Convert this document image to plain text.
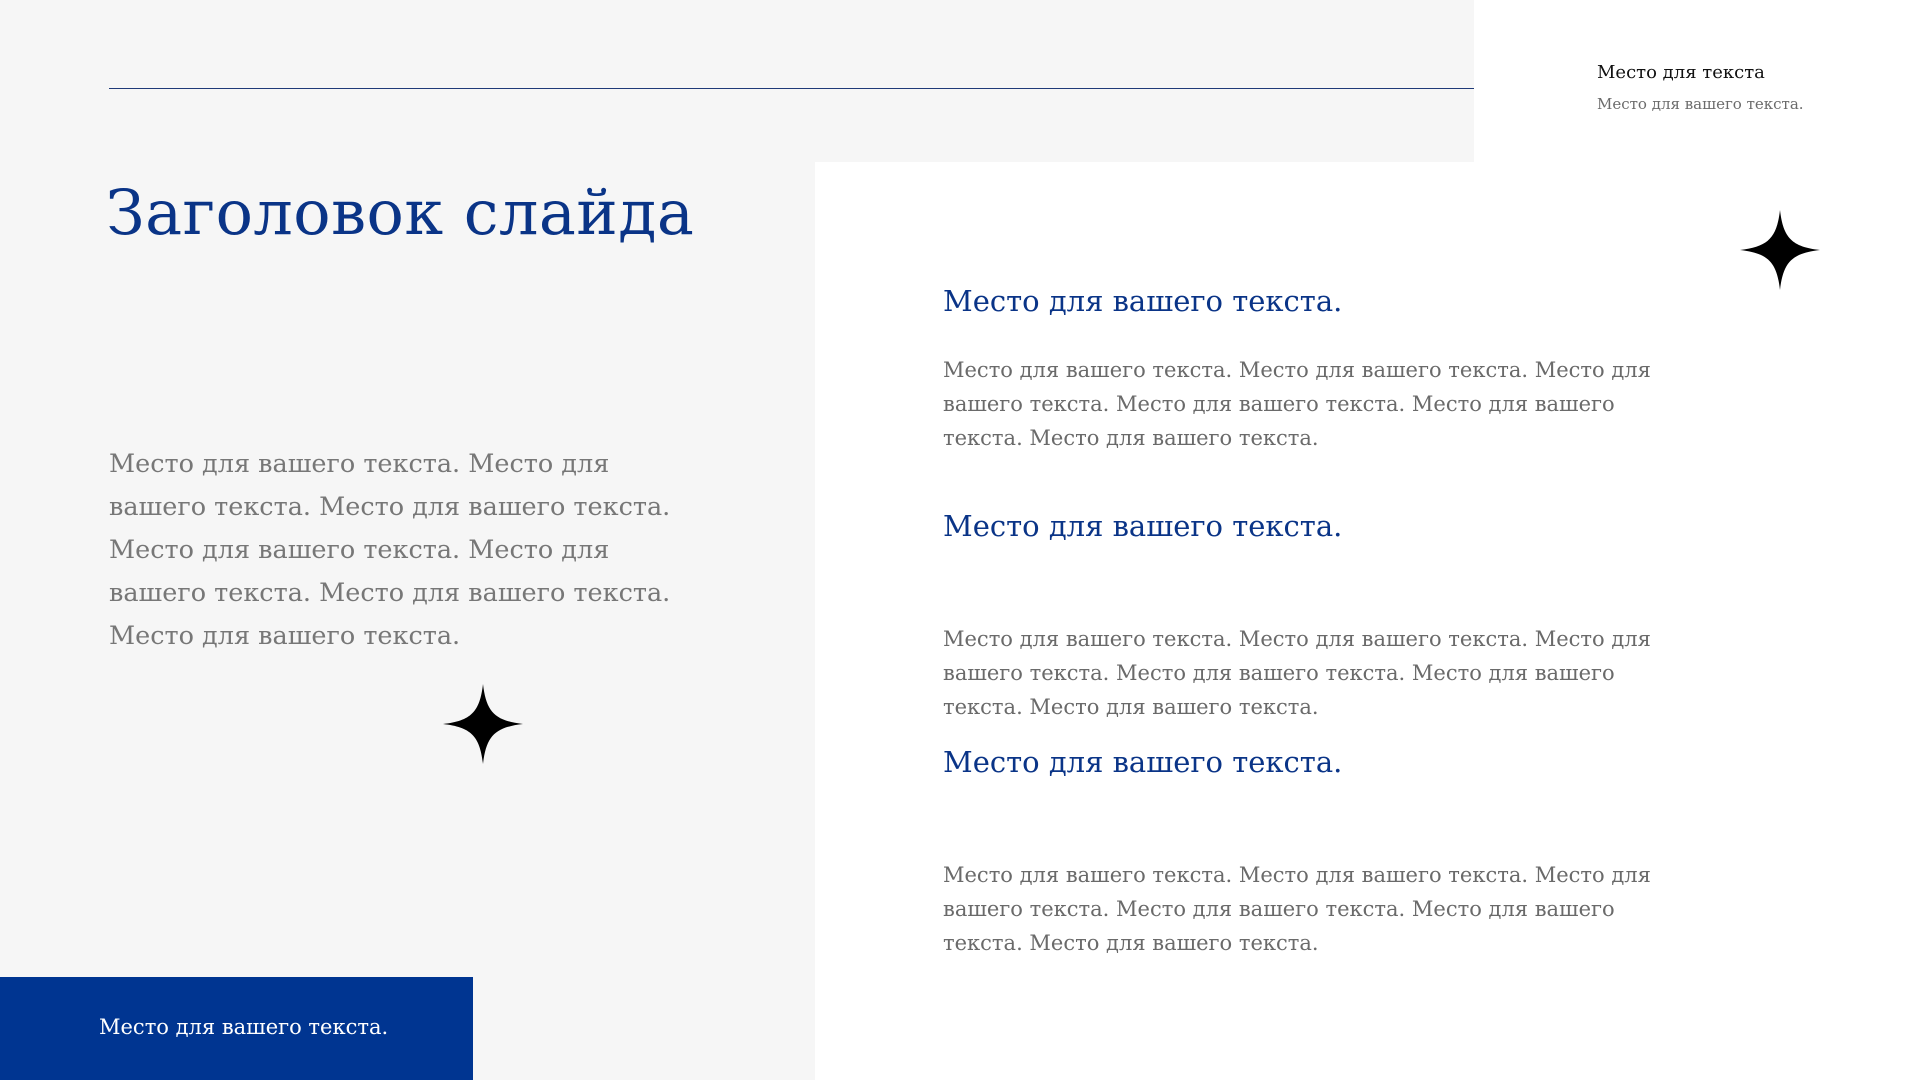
Место для текста
Место для вашего текста.
Заголовок слайда
Место для вашего текста. Место для вашего текста. Место для вашего текста. Место для вашего текста. Место для вашего текста. Место для вашего текста. Место для вашего текста.
Место для вашего текста.
Место для вашего текста. Место для вашего текста. Место для вашего текста. Место для вашего текста. Место для вашего текста. Место для вашего текста.
Место для вашего текста.
Место для вашего текста. Место для вашего текста. Место для вашего текста. Место для вашего текста. Место для вашего текста. Место для вашего текста.
Место для вашего текста.
Место для вашего текста. Место для вашего текста. Место для вашего текста. Место для вашего текста. Место для вашего текста. Место для вашего текста.
Место для вашего текста.
